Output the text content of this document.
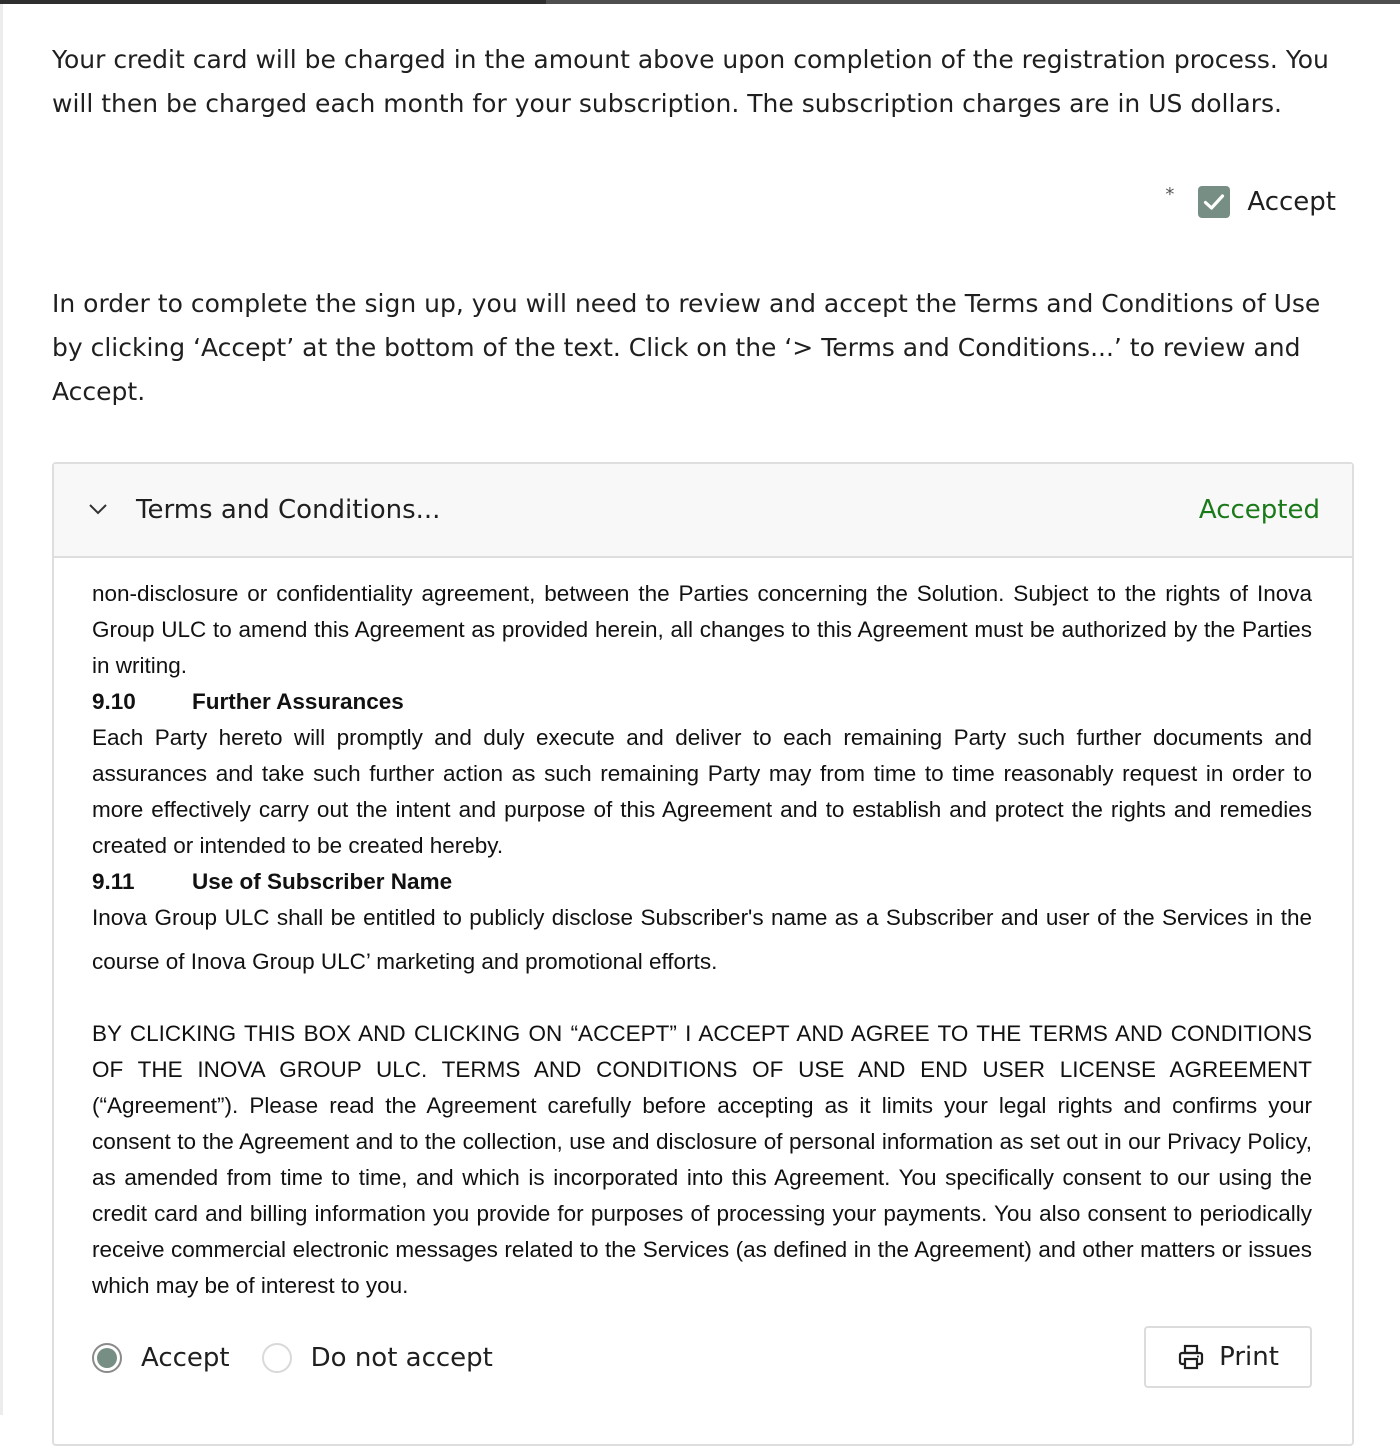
Your credit card will be charged in the amount above upon completion of the registration process. You will then be charged each month for your subscription. The subscription charges are in US dollars.

*	Accept

In order to complete the sign up, you will need to review and accept the Terms and Conditions of Use by clicking ‘Accept’ at the bottom of the text. Click on the ‘> Terms and Conditions...’ to review and Accept.

Terms and Conditions...	Accepted

non-disclosure or confidentiality agreement, between the Parties concerning the Solution. Subject to the rights of Inova Group ULC to amend this Agreement as provided herein, all changes to this Agreement must be authorized by the Parties in writing.

9.10 Further Assurances

Each Party hereto will promptly and duly execute and deliver to each remaining Party such further documents and assurances and take such further action as such remaining Party may from time to time reasonably request in order to more effectively carry out the intent and purpose of this Agreement and to establish and protect the rights and remedies created or intended to be created hereby.

9.11	Use of Subscriber Name

Inova Group ULC shall be entitled to publicly disclose Subscriber's name as a Subscriber and user of the Services in the course of Inova Group ULC’ marketing and promotional efforts.

BY CLICKING THIS BOX AND CLICKING ON “ACCEPT” I ACCEPT AND AGREE TO THE TERMS AND CONDITIONS OF THE INOVA GROUP ULC. TERMS AND CONDITIONS OF USE AND END USER LICENSE AGREEMENT (“Agreement”). Please read the Agreement carefully before accepting as it limits your legal rights and confirms your consent to the Agreement and to the collection, use and disclosure of personal information as set out in our Privacy Policy, as amended from time to time, and which is incorporated into this Agreement. You specifically consent to our using the credit card and billing information you provide for purposes of processing your payments. You also consent to periodically receive commercial electronic messages related to the Services (as defined in the Agreement) and other matters or issues which may be of interest to you.

Accept	Do not accept	Print
